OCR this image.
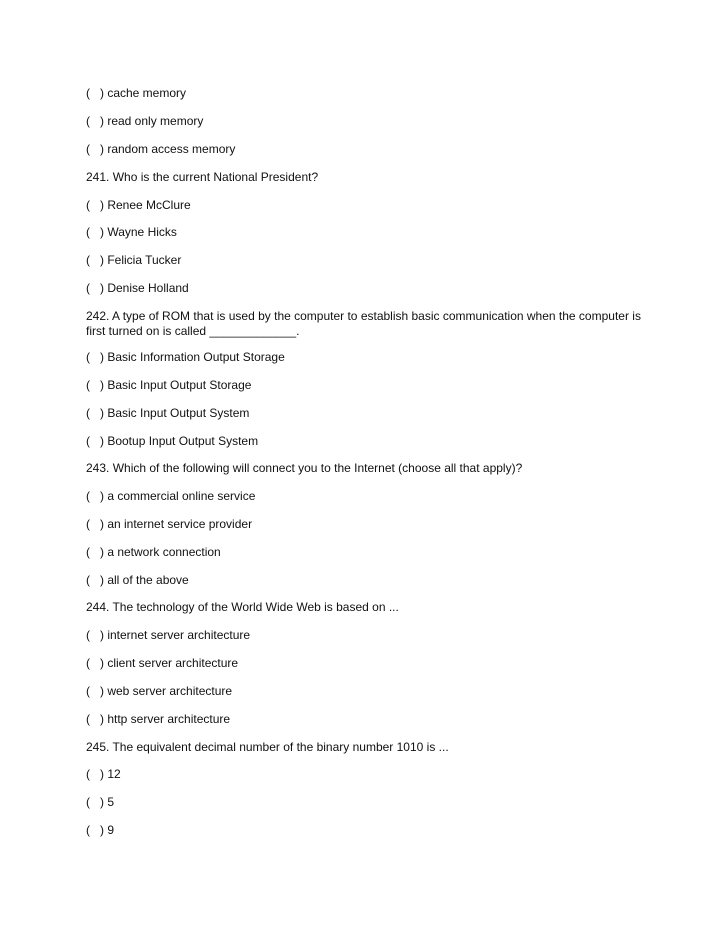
(   ) cache memory
(   ) read only memory
(   ) random access memory
241. Who is the current National President?
(   ) Renee McClure
(   ) Wayne Hicks
(   ) Felicia Tucker
(   ) Denise Holland
242. A type of ROM that is used by the computer to establish basic communication when the computer is first turned on is called _____________.
(   ) Basic Information Output Storage
(   ) Basic Input Output Storage
(   ) Basic Input Output System
(   ) Bootup Input Output System
243. Which of the following will connect you to the Internet (choose all that apply)?
(   ) a commercial online service
(   ) an internet service provider
(   ) a network connection
(   ) all of the above
244. The technology of the World Wide Web is based on ...
(   ) internet server architecture
(   ) client server architecture
(   ) web server architecture
(   ) http server architecture
245. The equivalent decimal number of the binary number 1010 is ...
(   ) 12
(   ) 5
(   ) 9
